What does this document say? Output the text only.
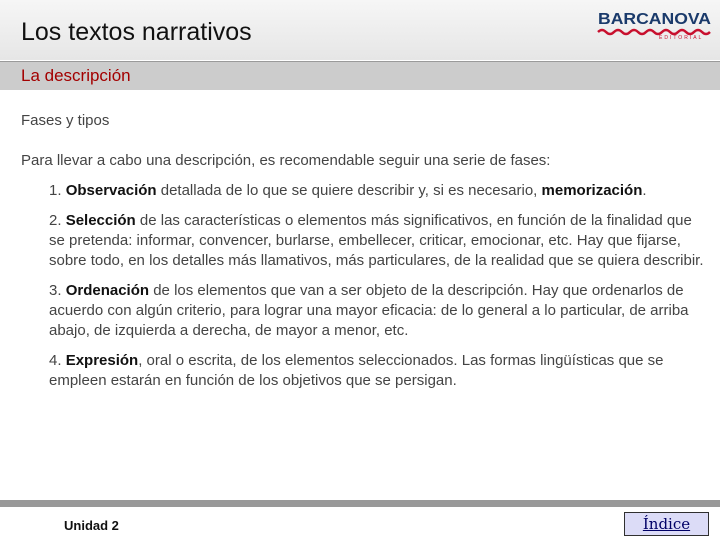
Los textos narrativos	BARCANOVA
EDITORIAL
La descripción
Fases y tipos
Para llevar a cabo una descripción, es recomendable seguir una serie de fases:
1. Observación detallada de lo que se quiere describir y, si es necesario, memorización.
2. Selección de las características o elementos más significativos, en función de la finalidad que se pretenda: informar, convencer, burlarse, embellecer, criticar, emocionar, etc. Hay que fijarse, sobre todo, en los detalles más llamativos, más particulares, de la realidad que se quiera describir.
3. Ordenación de los elementos que van a ser objeto de la descripción. Hay que ordenarlos de acuerdo con algún criterio, para lograr una mayor eficacia: de lo general a lo particular, de arriba abajo, de izquierda a derecha, de mayor a menor, etc.
4. Expresión, oral o escrita, de los elementos seleccionados. Las formas lingüísticas que se empleen estarán en función de los objetivos que se persigan.
Unidad 2	Índice
